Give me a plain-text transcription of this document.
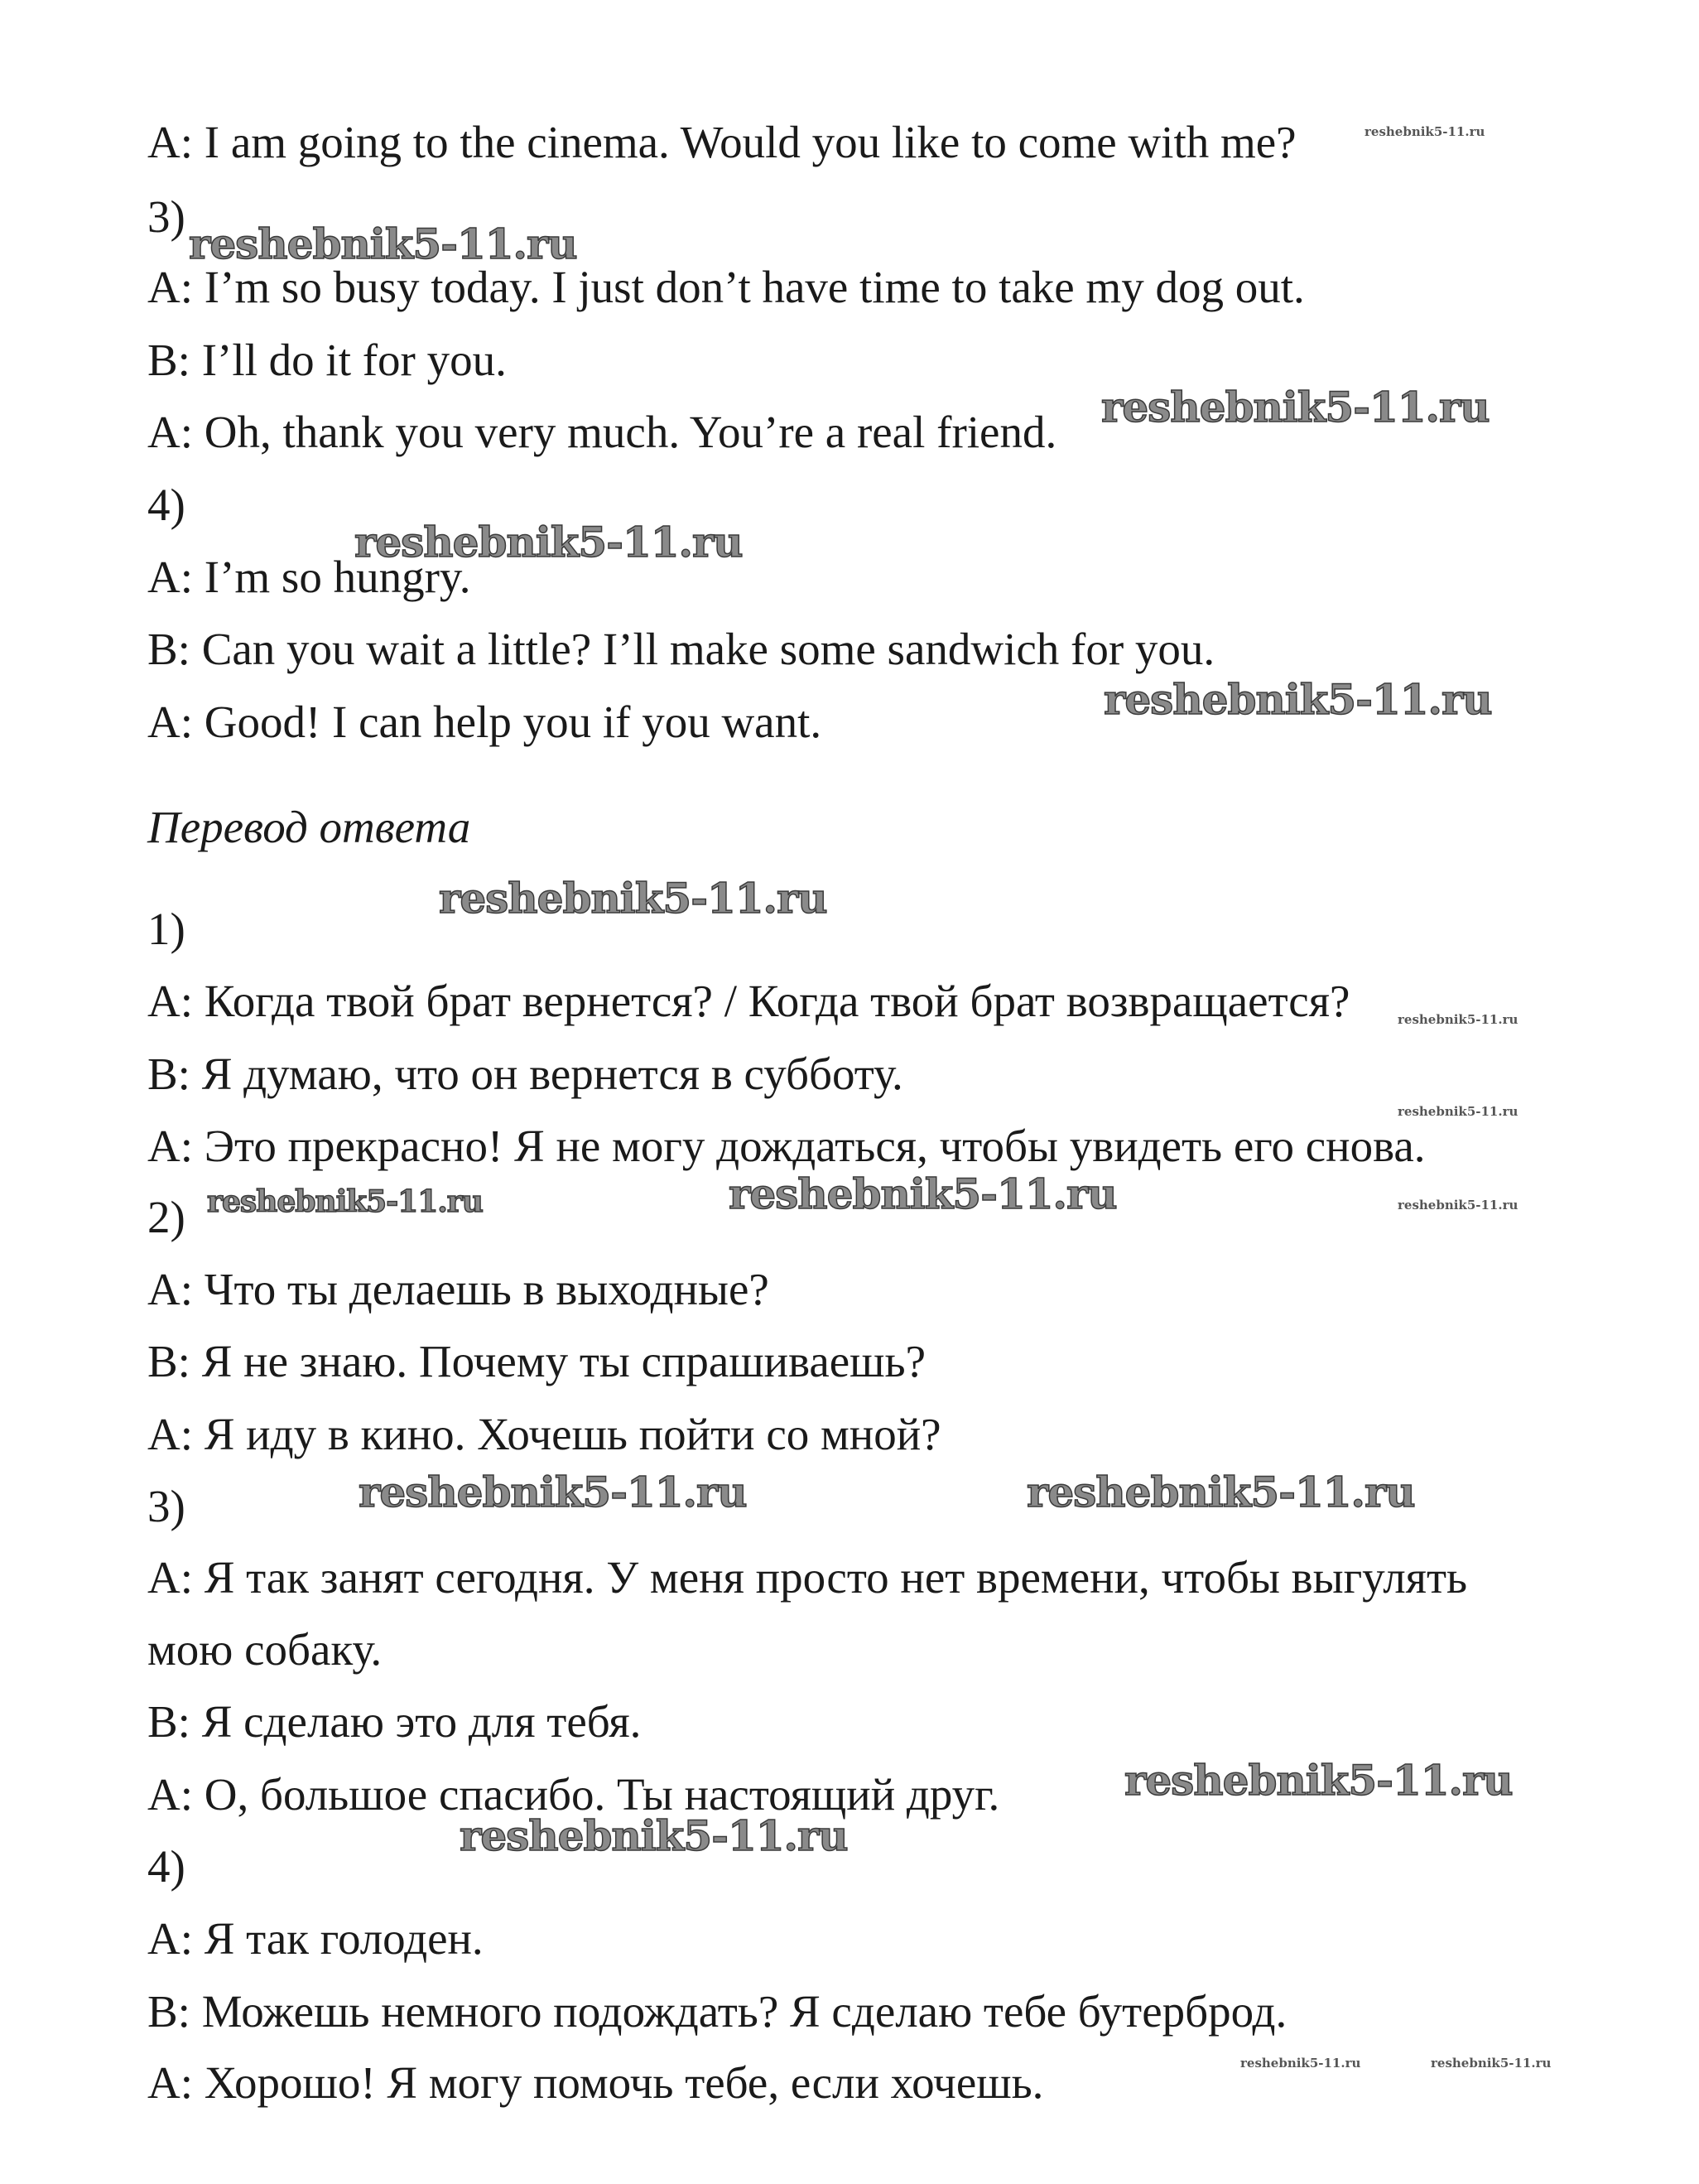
A: I am going to the cinema. Would you like to come with me?
3)
A: I’m so busy today. I just don’t have time to take my dog out.
B: I’ll do it for you.
A: Oh, thank you very much. You’re a real friend.
4)
A: I’m so hungry.
B: Can you wait a little? I’ll make some sandwich for you.
A: Good! I can help you if you want.
Перевод ответа
1)
A: Когда твой брат вернется? / Когда твой брат возвращается?
B: Я думаю, что он вернется в субботу.
A: Это прекрасно! Я не могу дождаться, чтобы увидеть его снова.
2)
A: Что ты делаешь в выходные?
B: Я не знаю. Почему ты спрашиваешь?
A: Я иду в кино. Хочешь пойти со мной?
3)
A: Я так занят сегодня. У меня просто нет времени, чтобы выгулять
мою собаку.
B: Я сделаю это для тебя.
A: О, большое спасибо. Ты настоящий друг.
4)
A: Я так голоден.
B: Можешь немного подождать? Я сделаю тебе бутерброд.
A: Хорошо! Я могу помочь тебе, если хочешь.
reshebnik5-11.ru
reshebnik5-11.ru
reshebnik5-11.ru
reshebnik5-11.ru
reshebnik5-11.ru
reshebnik5-11.ru
reshebnik5-11.ru
reshebnik5-11.ru
reshebnik5-11.ru	reshebnik5-11.ru	reshebnik5-11.ru
reshebnik5-11.ru	reshebnik5-11.ru
reshebnik5-11.ru
reshebnik5-11.ru
reshebnik5-11.ru	reshebnik5-11.ru
